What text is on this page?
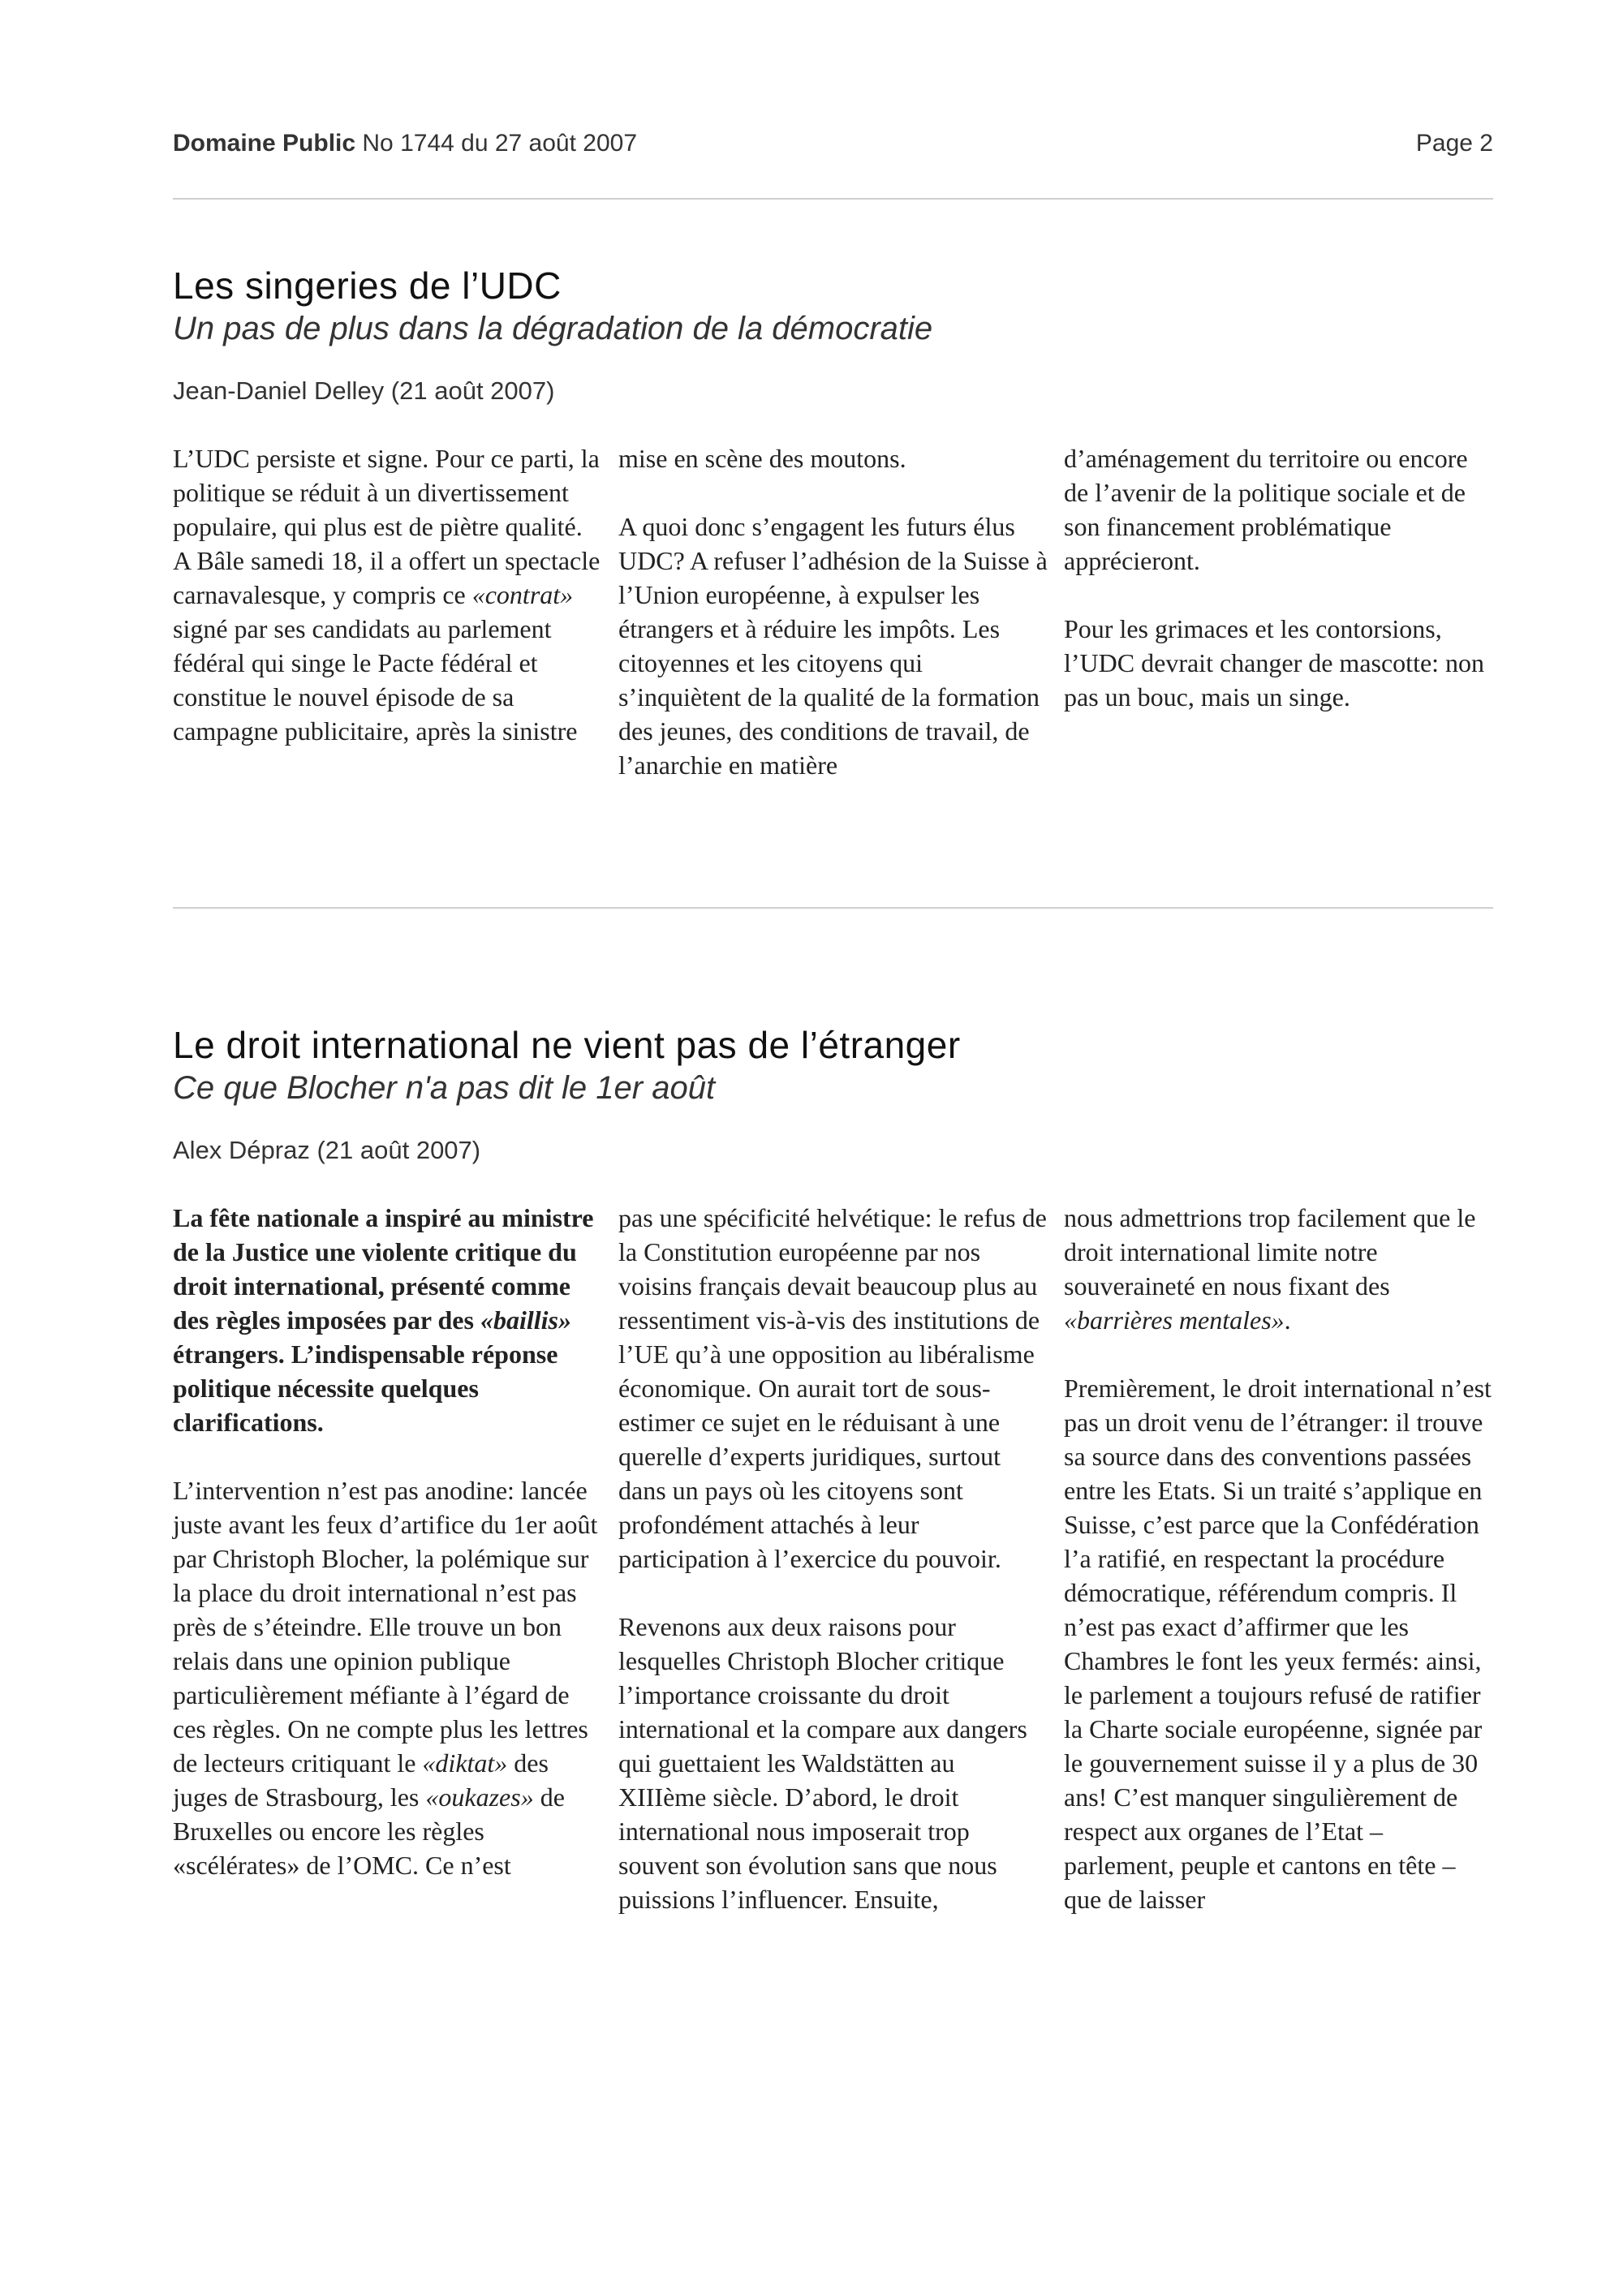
Domaine Public No 1744 du 27 août 2007	Page 2
Les singeries de l’UDC
Un pas de plus dans la dégradation de la démocratie
Jean-Daniel Delley (21 août 2007)

L’UDC persiste et signe. Pour ce parti, la politique se réduit à un divertissement populaire, qui plus est de piètre qualité. A Bâle samedi 18, il a offert un spectacle carnavalesque, y compris ce «contrat» signé par ses candidats au parlement fédéral qui singe le Pacte fédéral et constitue le nouvel épisode de sa campagne publicitaire, après la sinistre

mise en scène des moutons.

A quoi donc s’engagent les futurs élus UDC? A refuser l’adhésion de la Suisse à l’Union européenne, à expulser les étrangers et à réduire les impôts. Les citoyennes et les citoyens qui s’inquiètent de la qualité de la formation des jeunes, des conditions de travail, de l’anarchie en matière

d’aménagement du territoire ou encore de l’avenir de la politique sociale et de son financement problématique apprécieront.

Pour les grimaces et les contorsions, l’UDC devrait changer de mascotte: non pas un bouc, mais un singe.

Le droit international ne vient pas de l’étranger
Ce que Blocher n'a pas dit le 1er août
Alex Dépraz (21 août 2007)

La fête nationale a inspiré au ministre de la Justice une violente critique du droit international, présenté comme des règles imposées par des «baillis» étrangers. L’indispensable réponse politique nécessite quelques clarifications.

L’intervention n’est pas anodine: lancée juste avant les feux d’artifice du 1er août par Christoph Blocher, la polémique sur la place du droit international n’est pas près de s’éteindre. Elle trouve un bon relais dans une opinion publique particulièrement méfiante à l’égard de ces règles. On ne compte plus les lettres de lecteurs critiquant le «diktat» des juges de Strasbourg, les «oukazes» de Bruxelles ou encore les règles «scélérates» de l’OMC. Ce n’est

pas une spécificité helvétique: le refus de la Constitution européenne par nos voisins français devait beaucoup plus au ressentiment vis-à-vis des institutions de l’UE qu’à une opposition au libéralisme économique. On aurait tort de sous-estimer ce sujet en le réduisant à une querelle d’experts juridiques, surtout dans un pays où les citoyens sont profondément attachés à leur participation à l’exercice du pouvoir.

Revenons aux deux raisons pour lesquelles Christoph Blocher critique l’importance croissante du droit international et la compare aux dangers qui guettaient les Waldstätten au XIIIème siècle. D’abord, le droit international nous imposerait trop souvent son évolution sans que nous puissions l’influencer. Ensuite,

nous admettrions trop facilement que le droit international limite notre souveraineté en nous fixant des «barrières mentales».

Premièrement, le droit international n’est pas un droit venu de l’étranger: il trouve sa source dans des conventions passées entre les Etats. Si un traité s’applique en Suisse, c’est parce que la Confédération l’a ratifié, en respectant la procédure démocratique, référendum compris. Il n’est pas exact d’affirmer que les Chambres le font les yeux fermés: ainsi, le parlement a toujours refusé de ratifier la Charte sociale européenne, signée par le gouvernement suisse il y a plus de 30 ans! C’est manquer singulièrement de respect aux organes de l’Etat – parlement, peuple et cantons en tête – que de laisser
